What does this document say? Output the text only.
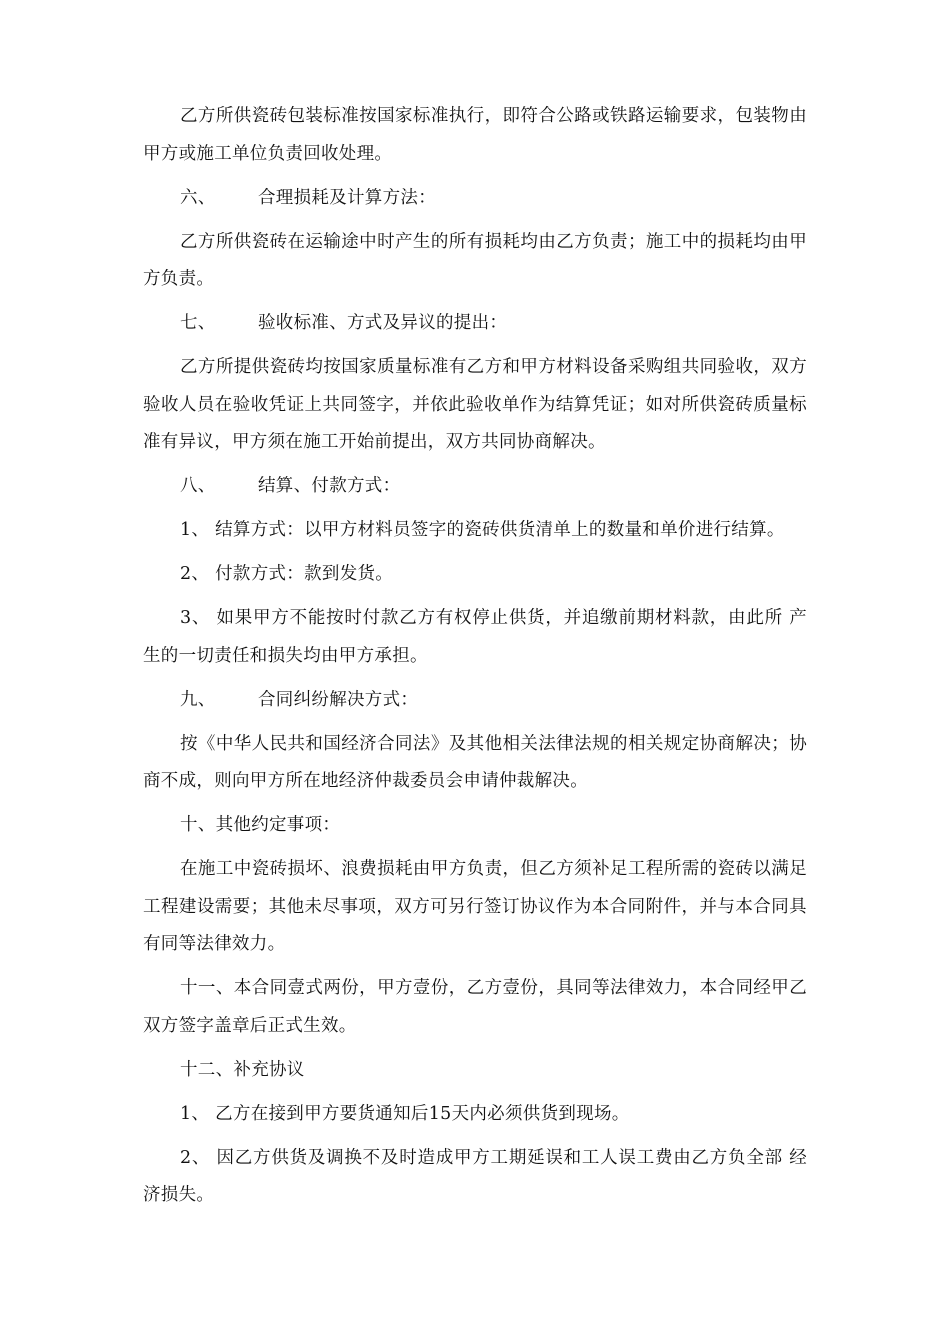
乙方所供瓷砖包装标准按国家标准执行，即符合公路或铁路运输要求，包装物由甲方或施工单位负责回收处理。

六、 合理损耗及计算方法：

乙方所供瓷砖在运输途中时产生的所有损耗均由乙方负责；施工中的损耗均由甲方负责。

七、 验收标准、方式及异议的提出：

乙方所提供瓷砖均按国家质量标准有乙方和甲方材料设备采购组共同验收，双方验收人员在验收凭证上共同签字，并依此验收单作为结算凭证；如对所供瓷砖质量标准有异议，甲方须在施工开始前提出，双方共同协商解决。

八、 结算、付款方式：

1、 结算方式：以甲方材料员签字的瓷砖供货清单上的数量和单价进行结算。

2、 付款方式：款到发货。

3、 如果甲方不能按时付款乙方有权停止供货，并追缴前期材料款，由此所 产生的一切责任和损失均由甲方承担。

九、 合同纠纷解决方式：

按《中华人民共和国经济合同法》及其他相关法律法规的相关规定协商解决；协商不成，则向甲方所在地经济仲裁委员会申请仲裁解决。

十、其他约定事项：

在施工中瓷砖损坏、浪费损耗由甲方负责，但乙方须补足工程所需的瓷砖以满足工程建设需要；其他未尽事项，双方可另行签订协议作为本合同附件，并与本合同具有同等法律效力。

十一、本合同壹式两份，甲方壹份，乙方壹份，具同等法律效力，本合同经甲乙双方签字盖章后正式生效。

十二、补充协议

1、 乙方在接到甲方要货通知后15天内必须供货到现场。

2、 因乙方供货及调换不及时造成甲方工期延误和工人误工费由乙方负全部 经济损失。
